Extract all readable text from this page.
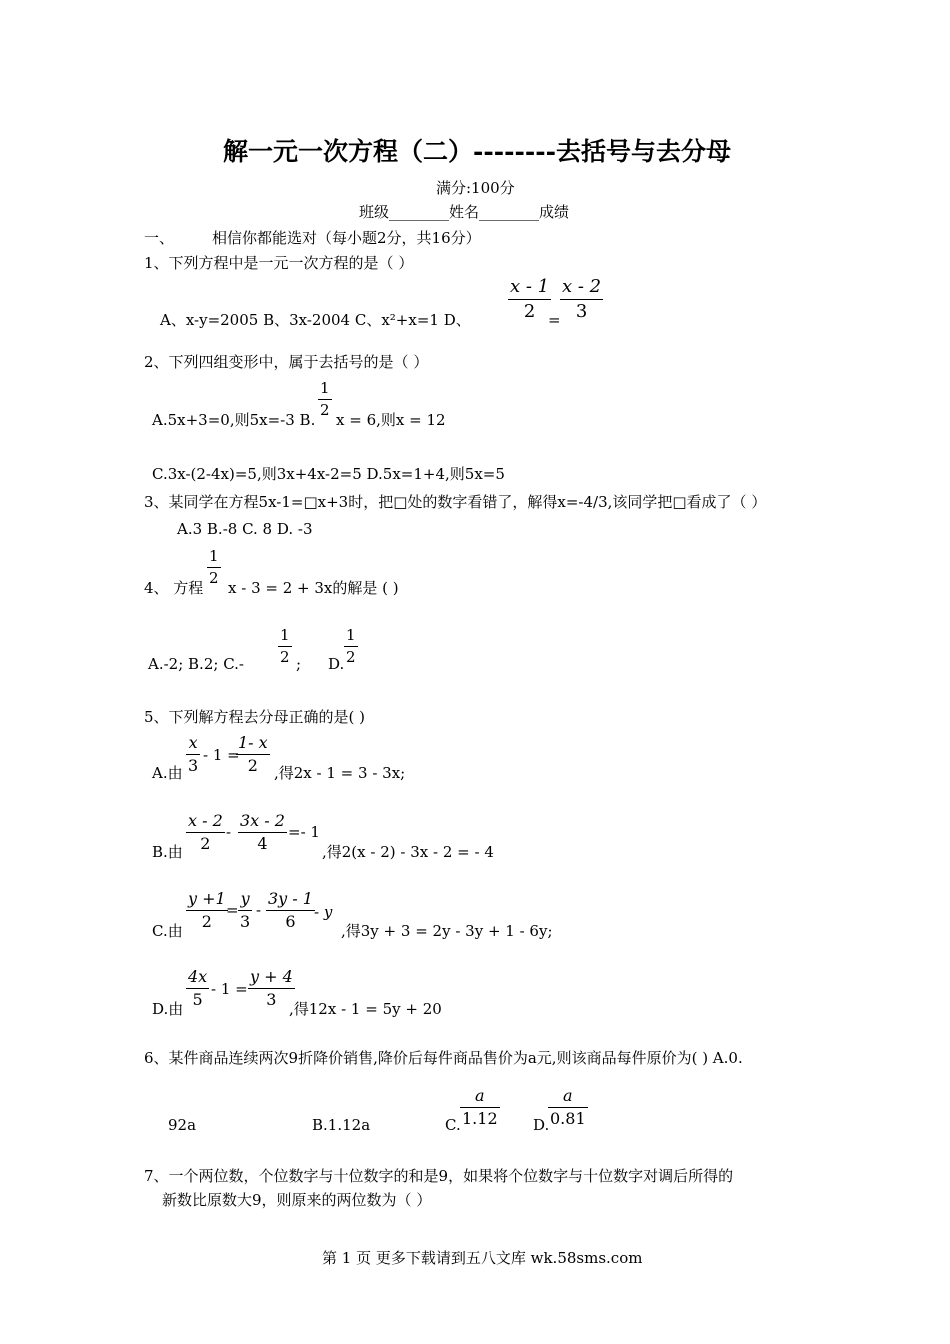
解一元一次方程（二）--------去括号与去分母
满分:100分
班级________姓名________成绩
一、	相信你都能选对（每小题2分，共16分）
1、下列方程中是一元一次方程的是（ ）
A、x-y=2005 B、3x-2004 C、x²+x=1 D、 $\frac{x - 1}{2}$
= $\frac{x - 2}{3}$
2、下列四组变形中，属于去括号的是（ ）
A.5x+3=0,则5x=-3 B.
$\frac{1}{2}$
x = 6,则x = 12
C.3x-(2-4x)=5,则3x+4x-2=5 D.5x=1+4,则5x=5
3、某同学在方程5x-1=□x+3时，把□处的数字看错了，解得x=-4/3,该同学把□看成了（ ）
A.3 B.-8 C. 8 D. -3
4、 方程
$\frac{1}{2}$
x - 3 = 2 + 3x的解是 ( )
A.-2; B.2; $C.- \frac{1}{2}$ ; D. $\frac{1}{2}$
5、下列解方程去分母正确的是( )
A.由 $\frac{x}{3} - 1$ =
$\frac{1- x}{2}$ ,得2x - 1 = 3 - 3x;
B.由 $\frac{x - 2}{2} - \frac{3x - 2}{4} =- 1$
,得2(x - 2) - 3x - 2 = - 4
C.由
$\frac{y +1}{2}$
= $\frac{y}{3} - \frac{3y - 1}{6}$ - y
,得3y + 3 = 2y - 3y + 1 - 6y;
D.由
$\frac{4x}{5} - 1 = \frac{y + 4}{3}$
,得12x - 1 = 5y + 20
6、某件商品连续两次9折降价销售,降价后每件商品售价为a元,则该商品每件原价为( ) A.0.
92a	B.1.12a	C. $\frac{a}{1.12} D$.
$\frac{a}{0.81}$
7、一个两位数，个位数字与十位数字的和是9，如果将个位数字与十位数字对调后所得的
新数比原数大9，则原来的两位数为（ ）
第 1 页 更多下载请到五八文库 wk.58sms.com
